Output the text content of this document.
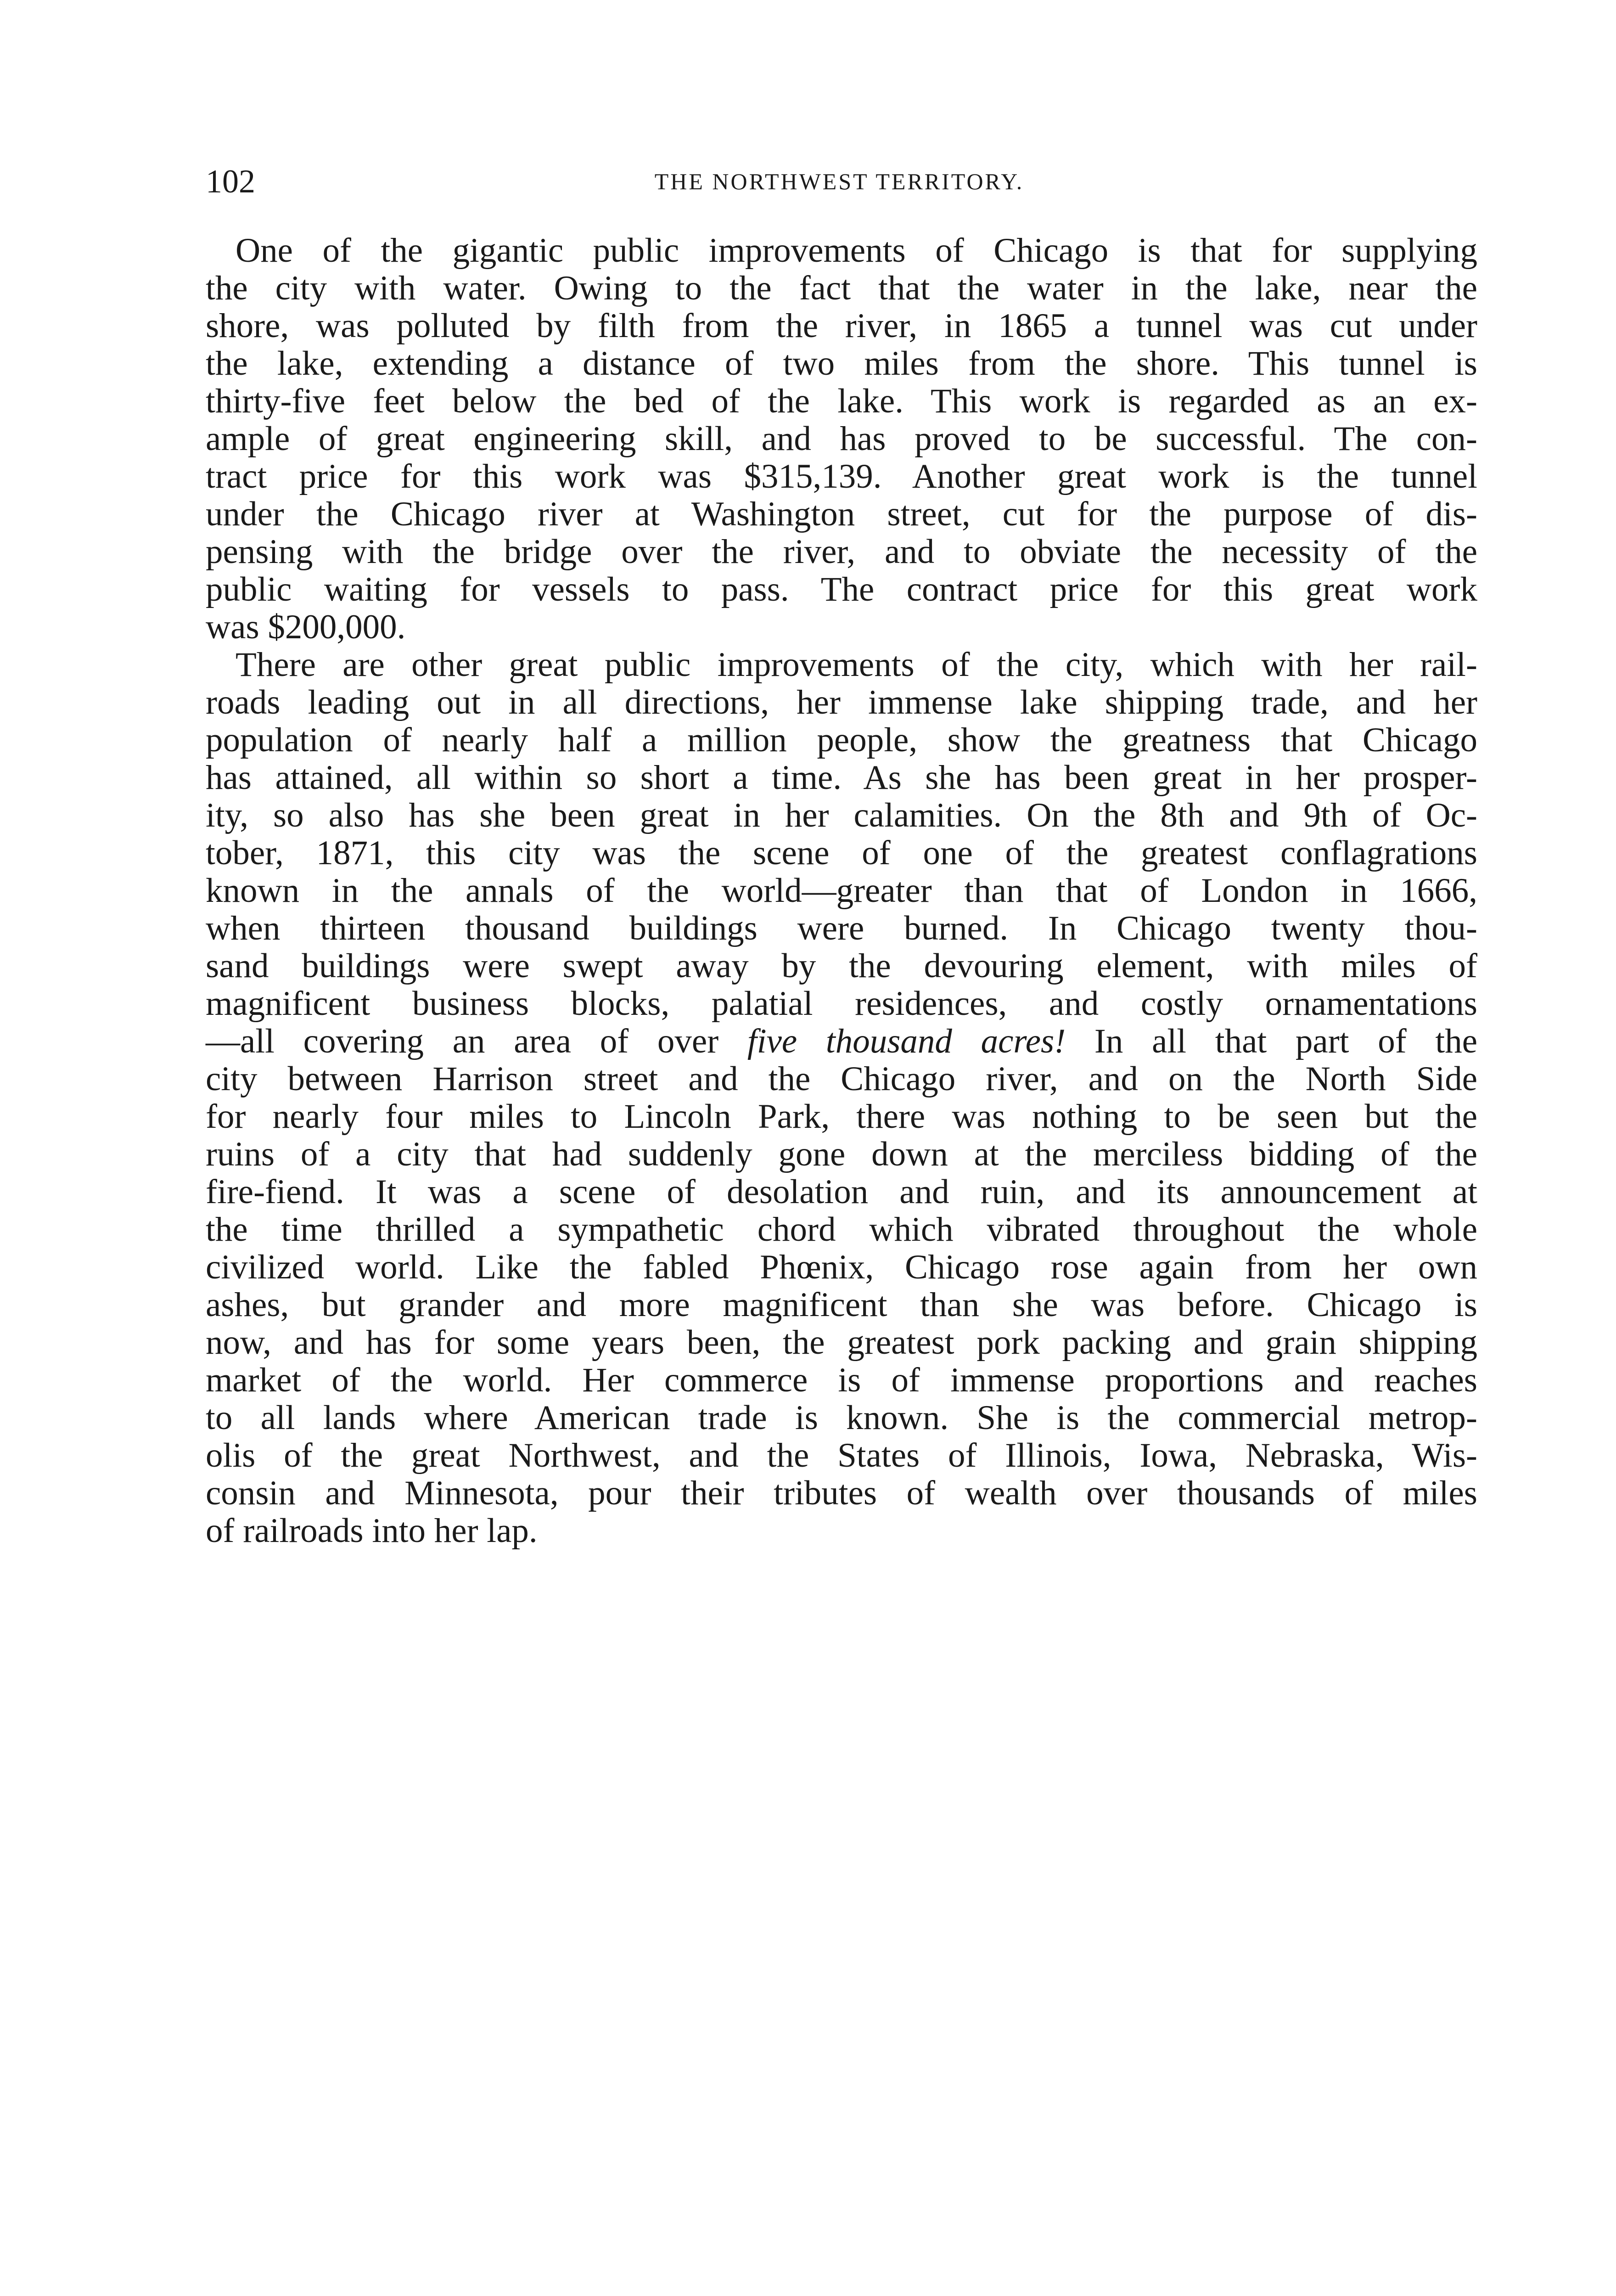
102	THE NORTHWEST TERRITORY.
One of the gigantic public improvements of Chicago is that for supplying
the city with water. Owing to the fact that the water in the lake, near the
shore, was polluted by filth from the river, in 1865 a tunnel was cut under
the lake, extending a distance of two miles from the shore. This tunnel is
thirty-five feet below the bed of the lake. This work is regarded as an ex-
ample of great engineering skill, and has proved to be successful. The con-
tract price for this work was $315,139. Another great work is the tunnel
under the Chicago river at Washington street, cut for the purpose of dis-
pensing with the bridge over the river, and to obviate the necessity of the
public waiting for vessels to pass. The contract price for this great work
was $200,000.
There are other great public improvements of the city, which with her rail-
roads leading out in all directions, her immense lake shipping trade, and her
population of nearly half a million people, show the greatness that Chicago
has attained, all within so short a time. As she has been great in her prosper-
ity, so also has she been great in her calamities. On the 8th and 9th of Oc-
tober, 1871, this city was the scene of one of the greatest conflagrations
known in the annals of the world—greater than that of London in 1666,
when thirteen thousand buildings were burned. In Chicago twenty thou-
sand buildings were swept away by the devouring element, with miles of
magnificent business blocks, palatial residences, and costly ornamentations
—all covering an area of over five thousand acres! In all that part of the
city between Harrison street and the Chicago river, and on the North Side
for nearly four miles to Lincoln Park, there was nothing to be seen but the
ruins of a city that had suddenly gone down at the merciless bidding of the
fire-fiend. It was a scene of desolation and ruin, and its announcement at
the time thrilled a sympathetic chord which vibrated throughout the whole
civilized world. Like the fabled Phœnix, Chicago rose again from her own
ashes, but grander and more magnificent than she was before. Chicago is
now, and has for some years been, the greatest pork packing and grain shipping
market of the world. Her commerce is of immense proportions and reaches
to all lands where American trade is known. She is the commercial metrop-
olis of the great Northwest, and the States of Illinois, Iowa, Nebraska, Wis-
consin and Minnesota, pour their tributes of wealth over thousands of miles
of railroads into her lap.
